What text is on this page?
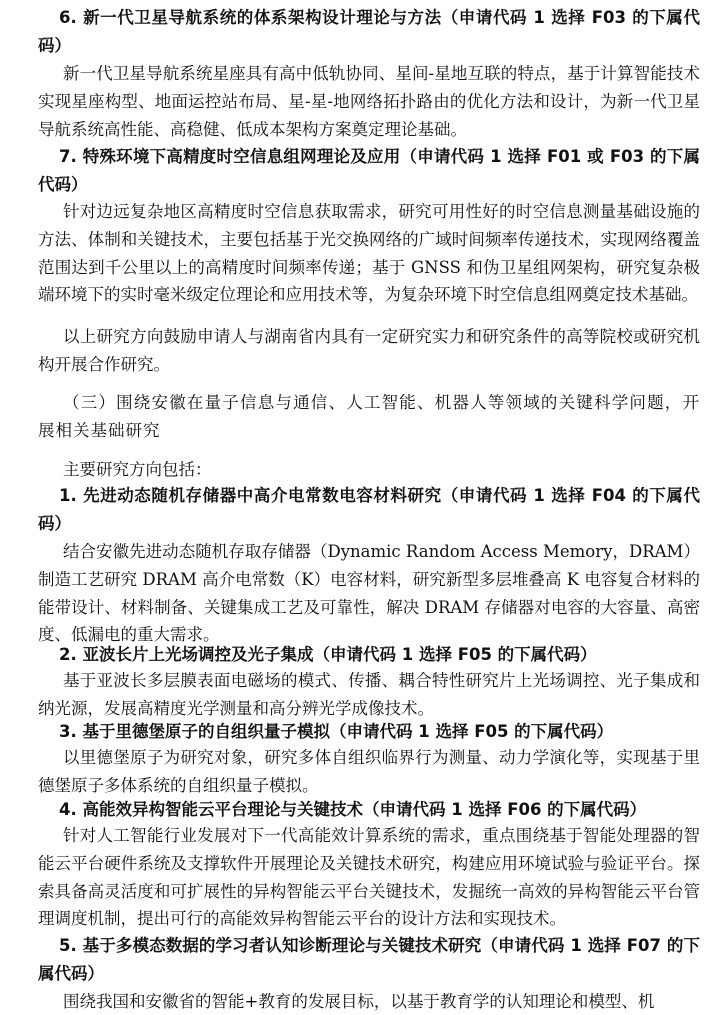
6. 新一代卫星导航系统的体系架构设计理论与方法（申请代码 1 选择 F03 的下属代码）

新一代卫星导航系统星座具有高中低轨协同、星间-星地互联的特点，基于计算智能技术实现星座构型、地面运控站布局、星-星-地网络拓扑路由的优化方法和设计，为新一代卫星导航系统高性能、高稳健、低成本架构方案奠定理论基础。

7. 特殊环境下高精度时空信息组网理论及应用（申请代码 1 选择 F01 或 F03 的下属代码）

针对边远复杂地区高精度时空信息获取需求，研究可用性好的时空信息测量基础设施的方法、体制和关键技术，主要包括基于光交换网络的广域时间频率传递技术，实现网络覆盖范围达到千公里以上的高精度时间频率传递；基于 GNSS 和伪卫星组网架构，研究复杂极端环境下的实时毫米级定位理论和应用技术等，为复杂环境下时空信息组网奠定技术基础。

以上研究方向鼓励申请人与湖南省内具有一定研究实力和研究条件的高等院校或研究机构开展合作研究。

（三）围绕安徽在量子信息与通信、人工智能、机器人等领域的关键科学问题，开展相关基础研究

主要研究方向包括：

1. 先进动态随机存储器中高介电常数电容材料研究（申请代码 1 选择 F04 的下属代码）

结合安徽先进动态随机存取存储器（Dynamic Random Access Memory，DRAM）制造工艺研究 DRAM 高介电常数（K）电容材料，研究新型多层堆叠高 K 电容复合材料的能带设计、材料制备、关键集成工艺及可靠性，解决 DRAM 存储器对电容的大容量、高密度、低漏电的重大需求。

2. 亚波长片上光场调控及光子集成（申请代码 1 选择 F05 的下属代码）

基于亚波长多层膜表面电磁场的模式、传播、耦合特性研究片上光场调控、光子集成和纳光源，发展高精度光学测量和高分辨光学成像技术。

3. 基于里德堡原子的自组织量子模拟（申请代码 1 选择 F05 的下属代码）

以里德堡原子为研究对象，研究多体自组织临界行为测量、动力学演化等，实现基于里德堡原子多体系统的自组织量子模拟。

4. 高能效异构智能云平台理论与关键技术（申请代码 1 选择 F06 的下属代码）

针对人工智能行业发展对下一代高能效计算系统的需求，重点围绕基于智能处理器的智能云平台硬件系统及支撑软件开展理论及关键技术研究，构建应用环境试验与验证平台。探索具备高灵活度和可扩展性的异构智能云平台关键技术，发掘统一高效的异构智能云平台管理调度机制，提出可行的高能效异构智能云平台的设计方法和实现技术。

5. 基于多模态数据的学习者认知诊断理论与关键技术研究（申请代码 1 选择 F07 的下属代码）

围绕我国和安徽省的智能+教育的发展目标，以基于教育学的认知理论和模型、机
